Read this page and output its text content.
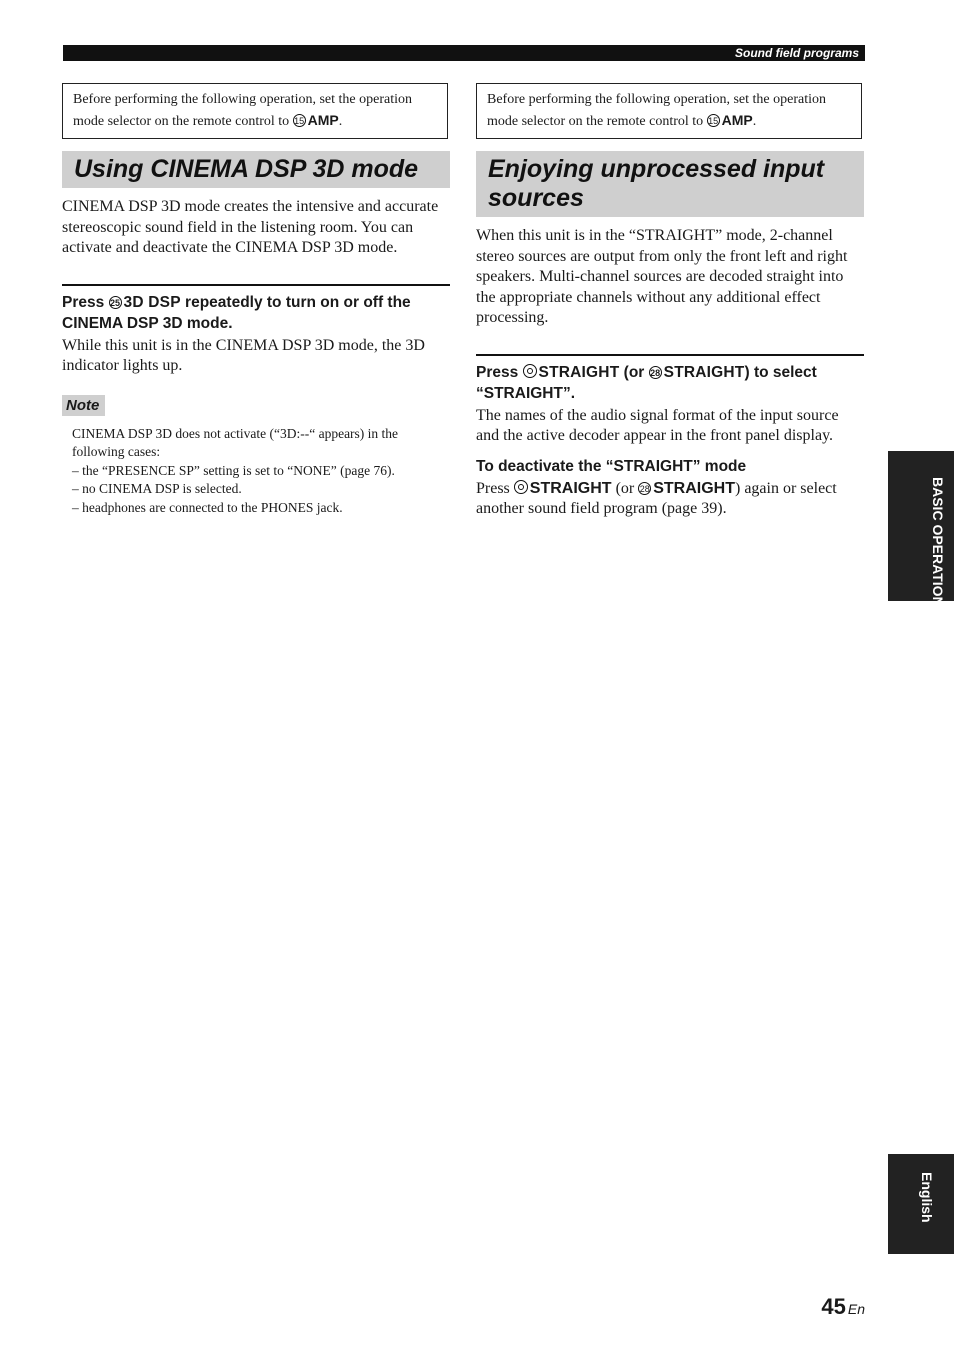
Sound field programs
Before performing the following operation, set the operation mode selector on the remote control to 15 AMP.
Using CINEMA DSP 3D mode
CINEMA DSP 3D mode creates the intensive and accurate stereoscopic sound field in the listening room. You can activate and deactivate the CINEMA DSP 3D mode.
Press 25 3D DSP repeatedly to turn on or off the CINEMA DSP 3D mode.
While this unit is in the CINEMA DSP 3D mode, the 3D indicator lights up.
Note
CINEMA DSP 3D does not activate (“3D:--“ appears) in the following cases:
– the “PRESENCE SP” setting is set to “NONE” (page 76).
– no CINEMA DSP is selected.
– headphones are connected to the PHONES jack.
Before performing the following operation, set the operation mode selector on the remote control to 15 AMP.
Enjoying unprocessed input sources
When this unit is in the “STRAIGHT” mode, 2-channel stereo sources are output from only the front left and right speakers. Multi-channel sources are decoded straight into the appropriate channels without any additional effect processing.
Press STRAIGHT (or 28 STRAIGHT) to select “STRAIGHT”.
The names of the audio signal format of the input source and the active decoder appear in the front panel display.
To deactivate the “STRAIGHT” mode
Press STRAIGHT (or 28 STRAIGHT) again or select another sound field program (page 39).	BASIC OPERATION
English
45 En
